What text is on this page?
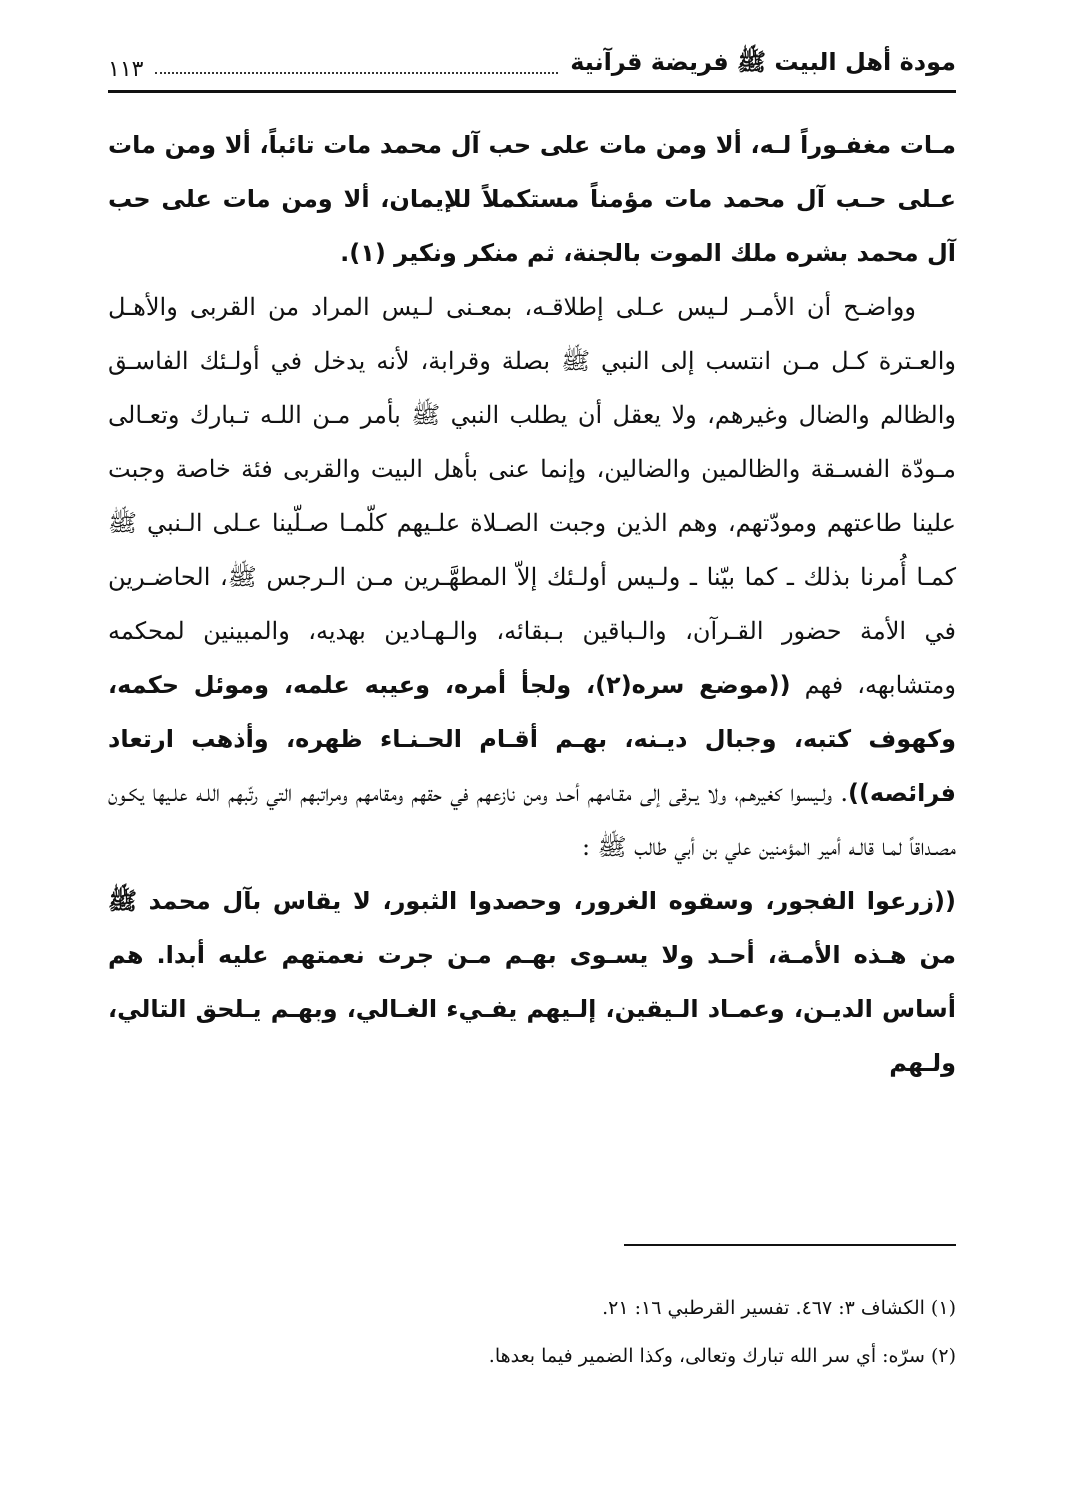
مودة أهل البيت ﷺ فريضة قرآنية
١١٣

مـات مغفـوراً لـه، ألا ومن مات على حب آل محمد مات تائباً، ألا ومن مات عـلى حـب آل محمد مات مؤمناً مستكملاً للإيمان، ألا ومن مات على حب آل محمد بشره ملك الموت بالجنة، ثم منكر ونكير (١).

وواضـح أن الأمـر لـيس عـلى إطلاقـه، بمعـنى لـيس المراد من القربى والأهـل والعـترة كـل مـن انتسب إلى النبي ﷺ بصلة وقرابة، لأنه يدخل في أولـئك الفاسـق والظالم والضال وغيرهم، ولا يعقل أن يطلب النبي ﷺ بأمر مـن اللـه تـبارك وتعـالى مـودّة الفسـقة والظالمين والضالين، وإنما عنى بأهل البيت والقربى فئة خاصة وجبت علينا طاعتهم ومودّتهم، وهم الذين وجبت الصـلاة علـيهم كلّمـا صـلّينا عـلى الـنبي ﷺ كمـا أُمرنا بذلك ـ كما بيّنا ـ ولـيس أولـئك إلاّ المطهَّـرين مـن الـرجس ﷺ، الحاضـرين في الأمة حضور القـرآن، والـباقين بـبقائه، والـهـادين بهديه، والمبينين لمحكمه ومتشابهه، فهم ((موضع سره(٢)، ولجأ أمره، وعيبه علمه، وموئل حكمه، وكهوف كتبه، وجبال ديـنه، بهـم أقـام الحـنـاء ظهره، وأذهب ارتعاد فرائصه)). ولـيسوا كغيرهـم، ولا يـرقى إلى مقـامهم أحـد ومن نازعهم في حقهم ومقامهم ومراتبهم التي رتّبهم اللـه علـيها يكـون مصـداقاً لمـا قالـه أمير المؤمنين علي بن أبي طالب ﷺ :

((زرعوا الفجور، وسقوه الغرور، وحصدوا الثبور، لا يقاس بآل محمد ﷺ من هـذه الأمـة، أحـد ولا يسـوى بهـم مـن جرت نعمتهم عليه أبدا. هم أساس الديـن، وعمـاد الـيقين، إلـيهم يفـيء الغـالي، وبهـم يـلحق التالي، ولـهم

(١) الكشاف ٣: ٤٦٧. تفسير القرطبي ١٦: ٢١.

(٢) سرّه: أي سر الله تبارك وتعالى، وكذا الضمير فيما بعدها.
